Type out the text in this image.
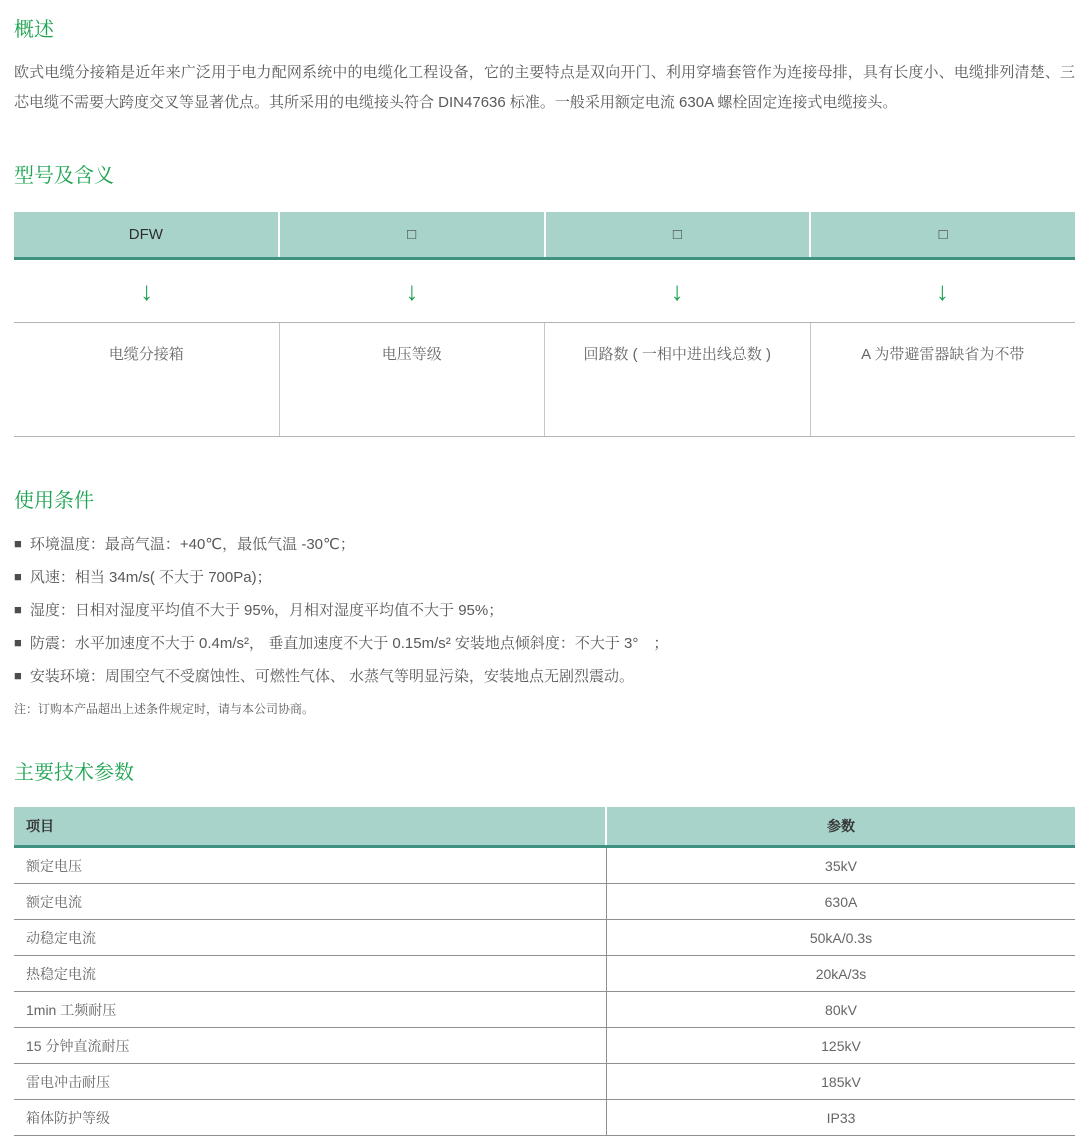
概述

欧式电缆分接箱是近年来广泛用于电力配网系统中的电缆化工程设备，它的主要特点是双向开门、利用穿墙套管作为连接母排，具有长度小、电缆排列清楚、三芯电缆不需要大跨度交叉等显著优点。其所采用的电缆接头符合 DIN47636 标准。一般采用额定电流 630A 螺栓固定连接式电缆接头。

型号及含义
DFW	□	□	□
↓	↓	↓	↓
电缆分接箱	电压等级	回路数 ( 一相中进出线总数 )	A 为带避雷器缺省为不带
使用条件
■ 环境温度：最高气温：+40℃，最低气温 -30℃；
■ 风速：相当 34m/s( 不大于 700Pa)；
■ 湿度：日相对湿度平均值不大于 95%，月相对湿度平均值不大于 95%；
■ 防震：水平加速度不大于 0.4m/s²， 垂直加速度不大于 0.15m/s² 安装地点倾斜度：不大于 3°　；
■ 安装环境：周围空气不受腐蚀性、可燃性气体、 水蒸气等明显污染，安装地点无剧烈震动。
注：订购本产品超出上述条件规定时，请与本公司协商。
主要技术参数
项目	参数
额定电压	35kV
额定电流	630A
动稳定电流	50kA/0.3s
热稳定电流	20kA/3s
1min 工频耐压	80kV
15 分钟直流耐压	125kV
雷电冲击耐压	185kV
箱体防护等级	IP33
